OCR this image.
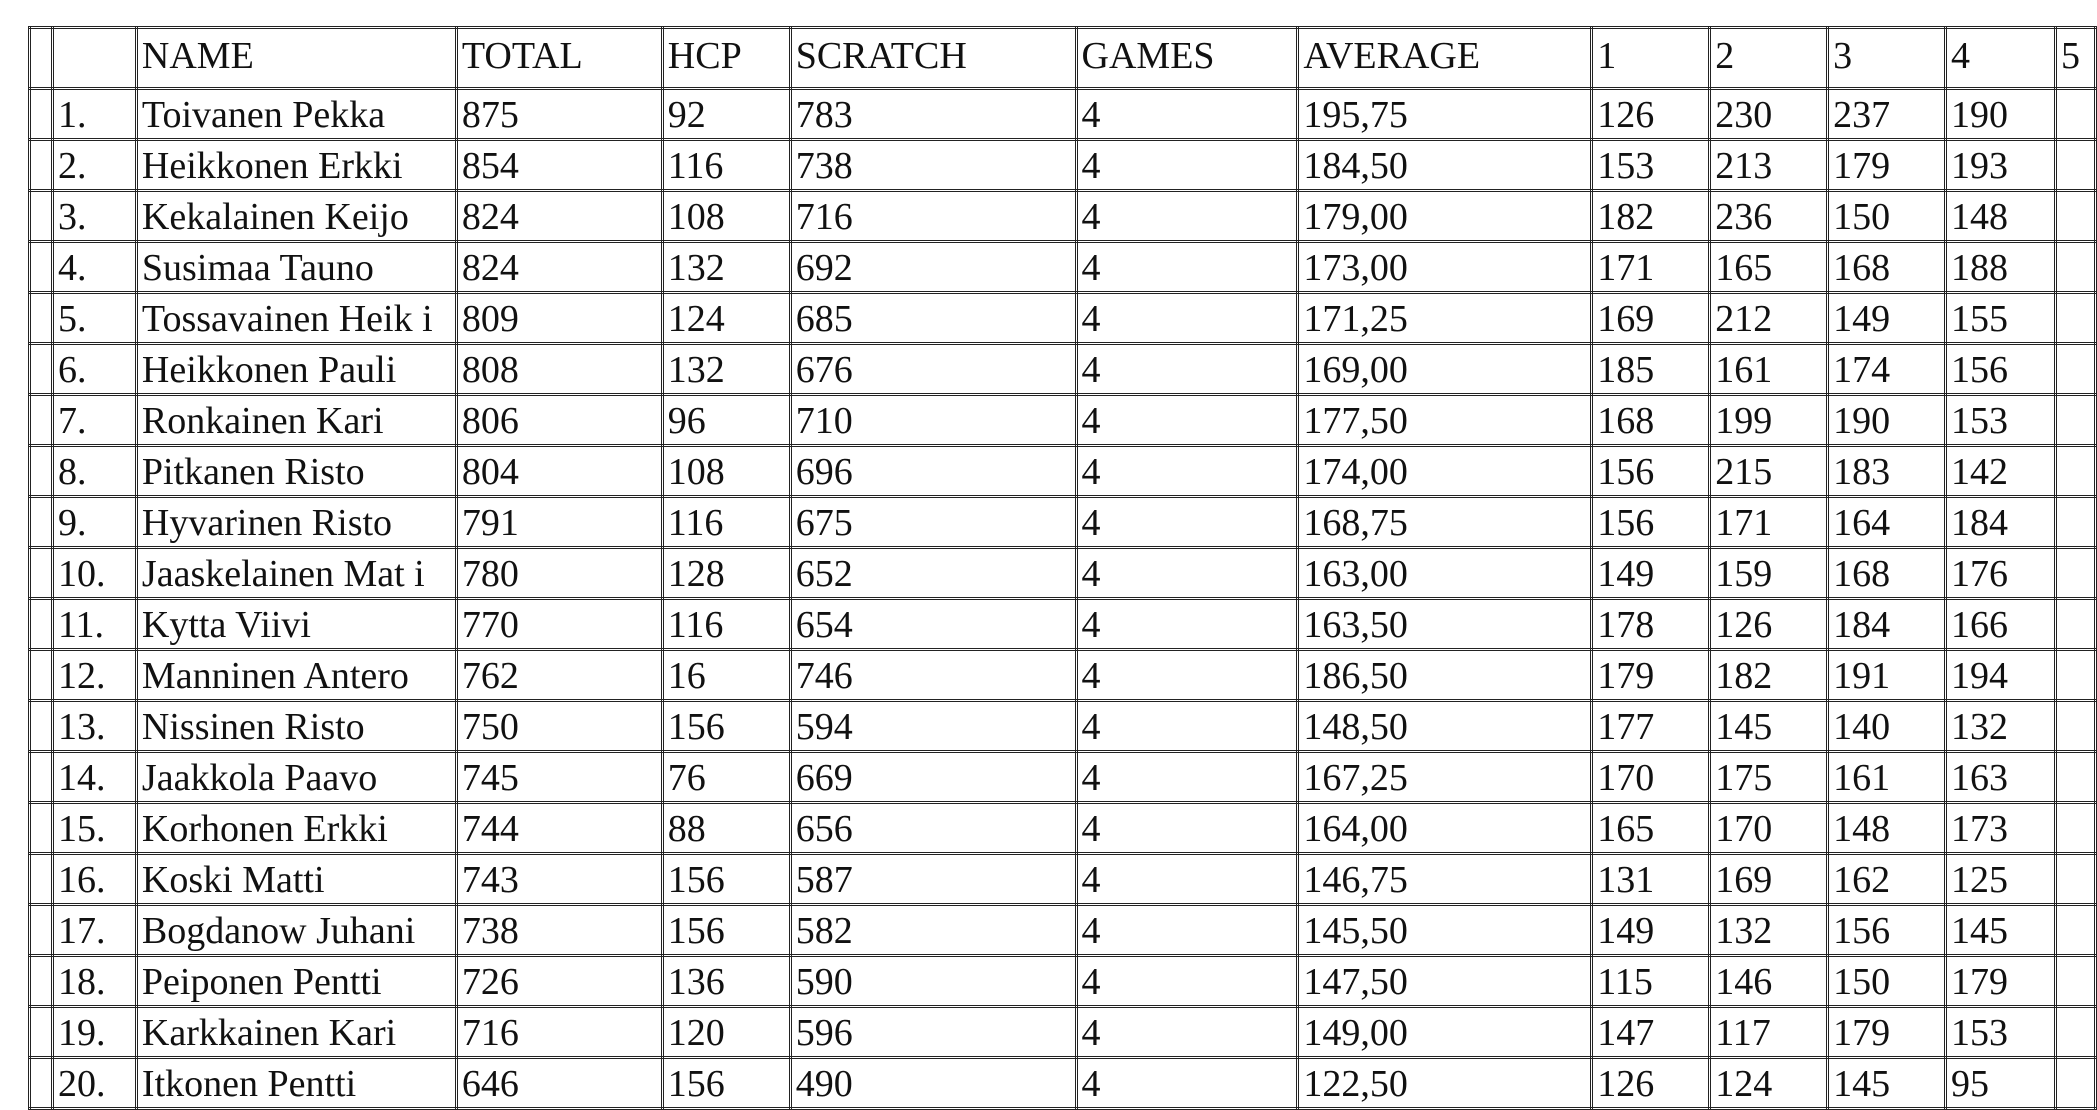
		NAME	TOTAL	HCP	SCRATCH	GAMES	AVERAGE	1	2	3	4	5
	1.	Toivanen Pekka	875	92	783	4	195,75	126	230	237	190	
	2.	Heikkonen Erkki	854	116	738	4	184,50	153	213	179	193	
	3.	Kekalainen Keijo	824	108	716	4	179,00	182	236	150	148	
	4.	Susimaa Tauno	824	132	692	4	173,00	171	165	168	188	
	5.	Tossavainen Heik i	809	124	685	4	171,25	169	212	149	155	
	6.	Heikkonen Pauli	808	132	676	4	169,00	185	161	174	156	
	7.	Ronkainen Kari	806	96	710	4	177,50	168	199	190	153	
	8.	Pitkanen Risto	804	108	696	4	174,00	156	215	183	142	
	9.	Hyvarinen Risto	791	116	675	4	168,75	156	171	164	184	
	10.	Jaaskelainen Mat i	780	128	652	4	163,00	149	159	168	176	
	11.	Kytta Viivi	770	116	654	4	163,50	178	126	184	166	
	12.	Manninen Antero	762	16	746	4	186,50	179	182	191	194	
	13.	Nissinen Risto	750	156	594	4	148,50	177	145	140	132	
	14.	Jaakkola Paavo	745	76	669	4	167,25	170	175	161	163	
	15.	Korhonen Erkki	744	88	656	4	164,00	165	170	148	173	
	16.	Koski Matti	743	156	587	4	146,75	131	169	162	125	
	17.	Bogdanow Juhani	738	156	582	4	145,50	149	132	156	145	
	18.	Peiponen Pentti	726	136	590	4	147,50	115	146	150	179	
	19.	Karkkainen Kari	716	120	596	4	149,00	147	117	179	153	
	20.	Itkonen Pentti	646	156	490	4	122,50	126	124	145	95	
